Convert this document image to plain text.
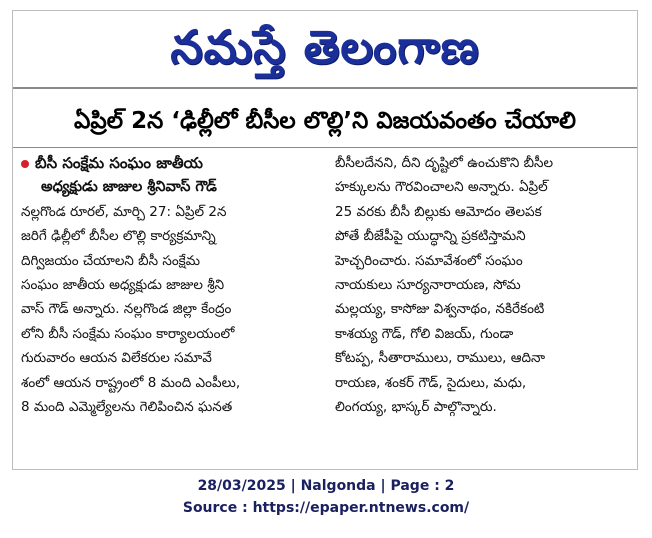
నమస్తే తెలంగాణ
ఏప్రిల్ 2న ‘ఢిల్లీలో బీసీల లొల్లి’ని విజయవంతం చేయాలి
బీసీ సంక్షేమ సంఘం జాతీయ
అధ్యక్షుడు జాజుల శ్రీనివాస్ గౌడ్
నల్లగొండ రూరల్, మార్చి 27: ఏప్రిల్ 2న
జరిగే ఢిల్లీలో బీసీల లొల్లి కార్యక్రమాన్ని
దిగ్విజయం చేయాలని బీసీ సంక్షేమ
సంఘం జాతీయ అధ్యక్షుడు జాజుల శ్రీని
వాస్ గౌడ్ అన్నారు. నల్లగొండ జిల్లా కేంద్రం
లోని బీసీ సంక్షేమ సంఘం కార్యాలయంలో
గురువారం ఆయన విలేకరుల సమావే
శంలో ఆయన రాష్ట్రంలో 8 మంది ఎంపీలు,
8 మంది ఎమ్మెల్యేలను గెలిపించిన ఘనత
బీసీలదేనని, దీని దృష్టిలో ఉంచుకొని బీసీల
హక్కులను గౌరవించాలని అన్నారు. ఏప్రిల్
25 వరకు బీసీ బిల్లుకు ఆమోదం తెలపక
పోతే బీజేపీపై యుద్ధాన్ని ప్రకటిస్తామని
హెచ్చరించారు. సమావేశంలో సంఘం
నాయకులు సూర్యనారాయణ, సోమ
మల్లయ్య, కాసోజు విశ్వనాథం, నకిరేకంటి
కాశయ్య గౌడ్, గోలి విజయ్, గుండా
కోటప్ప, సీతారాములు, రాములు, ఆదినా
రాయణ, శంకర్ గౌడ్, సైదులు, మధు,
లింగయ్య, భాస్కర్ పాల్గొన్నారు.
28/03/2025 | Nalgonda | Page : 2
Source : https://epaper.ntnews.com/
